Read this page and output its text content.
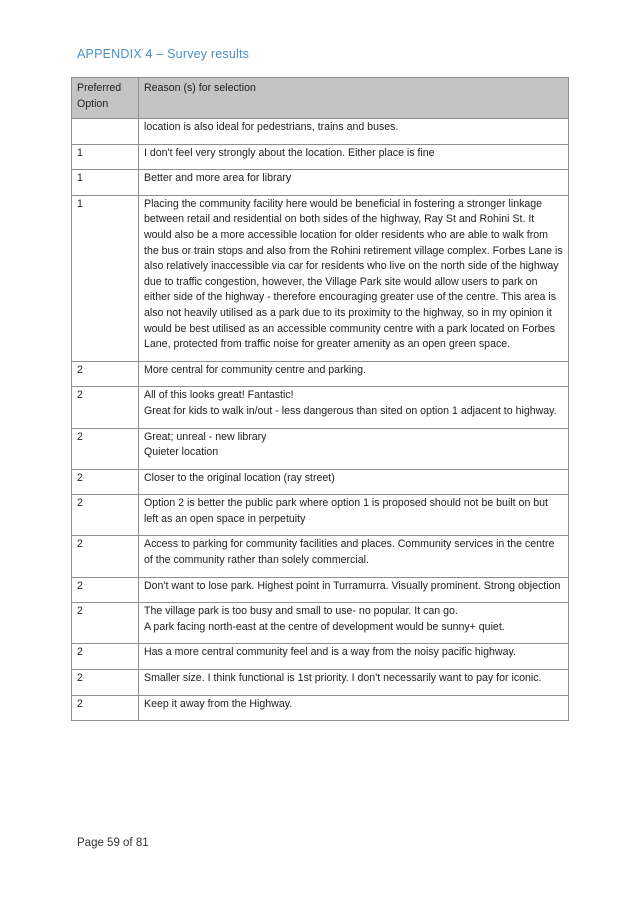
APPENDIX 4 – Survey results
Preferred Option	Reason (s) for selection

	location is also ideal for pedestrians, trains and buses.

1	I don't feel very strongly about the location. Either place is fine

1	Better and more area for library

1	Placing the community facility here would be beneficial in fostering a stronger linkage between retail and residential on both sides of the highway, Ray St and Rohini St. It would also be a more accessible location for older residents who are able to walk from the bus or train stops and also from the Rohini retirement village complex. Forbes Lane is also relatively inaccessible via car for residents who live on the north side of the highway due to traffic congestion, however, the Village Park site would allow users to park on either side of the highway - therefore encouraging greater use of the centre. This area is also not heavily utilised as a park due to its proximity to the highway, so in my opinion it would be best utilised as an accessible community centre with a park located on Forbes Lane, protected from traffic noise for greater amenity as an open green space.

2	More central for community centre and parking.

2	All of this looks great! Fantastic!
Great for kids to walk in/out - less dangerous than sited on option 1 adjacent to highway.

2	Great; unreal - new library
Quieter location

2	Closer to the original location (ray street)

2	Option 2 is better the public park where option 1 is proposed should not be built on but left as an open space in perpetuity

2	Access to parking for community facilities and places. Community services in the centre of the community rather than solely commercial.

2	Don't want to lose park. Highest point in Turramurra. Visually prominent. Strong objection

2	The village park is too busy and small to use- no popular. It can go.
A park facing north-east at the centre of development would be sunny+ quiet.

2	Has a more central community feel and is a way from the noisy pacific highway.

2	Smaller size. I think functional is 1st priority. I don't necessarily want to pay for iconic.

2	Keep it away from the Highway.
Page 59 of 81
